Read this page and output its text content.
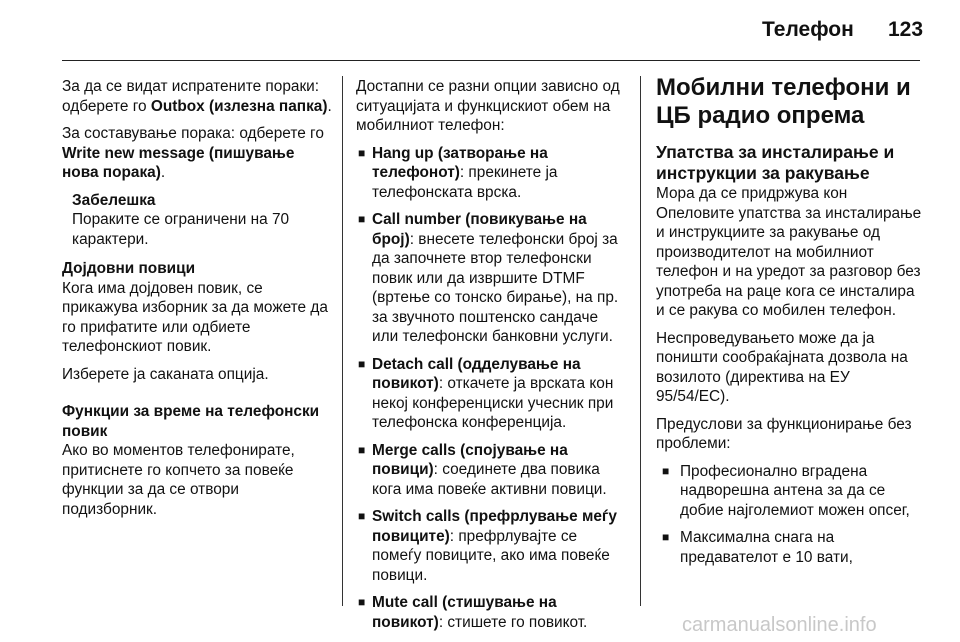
Телефон 123

За да се видат испратените пораки: одберете го Outbox (излезна папка).

За составување порака: одберете го Write new message (пишување нова порака).

Забелешка
Пораките се ограничени на 70 карактери.
Дојдовни повици

Кога има дојдовен повик, се прикажува изборник за да можете да го прифатите или одбиете телефонскиот повик.

Изберете ја саканата опција.

Функции за време на телефонски повик

Ако во моментов телефонирате, притиснете го копчето за повеќе функции за да се отвори подизборник.

Достапни се разни опции зависно од ситуацијата и функцискиот обем на мобилниот телефон:

■ Hang up (затворање на телефонот): прекинете ја телефонската врска.
■ Call number (повикување на број): внесете телефонски број за да започнете втор телефонски повик или да извршите DTMF (вртење со тонско бирање), на пр. за звучното поштенско сандаче или телефонски банковни услуги.
■ Detach call (одделување на повикот): откачете ја врската кон некој конференциски учесник при телефонска конференција.
■ Merge calls (спојување на повици): соединете два повика кога има повеќе активни повици.
■ Switch calls (префрлување меѓу повиците): префрлувајте се помеѓу повиците, ако има повеќе повици.
■ Mute call (стишување на повикот): стишете го повикот.
Мобилни телефони и ЦБ радио опрема
Упатства за инсталирање и инструкции за ракување

Мора да се придржува кон Опеловите упатства за инсталирање и инструкциите за ракување од производителот на мобилниот телефон и на уредот за разговор без употреба на раце кога се инсталира и се ракува со мобилен телефон.

Неспроведувањето може да ја поништи сообраќајната дозвола на возилото (директива на ЕУ 95/54/EC).

Предуслови за функционирање без проблеми:

■ Професионално вградена надворешна антена за да се добие најголемиот можен опсег,
■ Максимална снага на предавателот е 10 вати,
carmanualsonline.info
